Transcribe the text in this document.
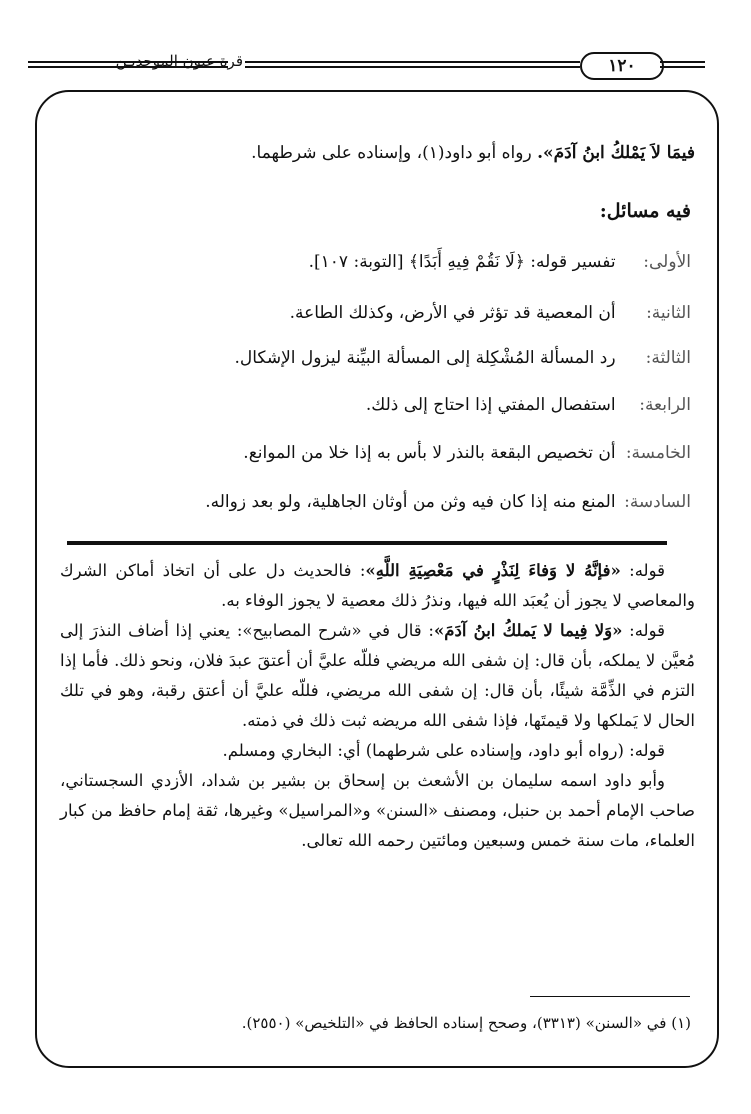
قرة عيون الموحديـن	١٢٠
فيمَا لاَ يَمْلكُ ابنُ آدَمَ». رواه أبو داود(١)، وإسناده على شرطهما.
فيه مسائل:
الأولى: تفسير قوله: ﴿لَا نَقُمْ فِيهِ أَبَدًا﴾ [التوبة: ١٠٧].
الثانية: أن المعصية قد تؤثر في الأرض، وكذلك الطاعة.
الثالثة: رد المسألة المُشْكِلة إلى المسألة البيِّنة ليزول الإشكال.
الرابعة: استفصال المفتي إذا احتاج إلى ذلك.
الخامسة: أن تخصيص البقعة بالنذر لا بأس به إذا خلا من الموانع.
السادسة: المنع منه إذا كان فيه وثن من أوثان الجاهلية، ولو بعد زواله.

قوله: «فإنَّهُ لا وَفاءَ لِنَذْرٍ في مَعْصِيَةِ اللَّهِ»: فالحديث دل على أن اتخاذ أماكن الشرك والمعاصي لا يجوز أن يُعبَد الله فيها، ونذرُ ذلك معصية لا يجوز الوفاء به.

قوله: «وَلا فِيما لا يَملكُ ابنُ آدَمَ»: قال في «شرح المصابيح»: يعني إذا أضاف النذرَ إلى مُعيَّن لا يملكه، بأن قال: إن شفى الله مريضي فللّه عليَّ أن أعتقَ عبدَ فلان، ونحو ذلك. فأما إذا التزم في الذِّمَّة شيئًا، بأن قال: إن شفى الله مريضي، فللّه عليَّ أن أعتق رقبة، وهو في تلك الحال لا يَملكها ولا قيمتَها، فإذا شفى الله مريضه ثبت ذلك في ذمته.

قوله: (رواه أبو داود، وإسناده على شرطهما) أي: البخاري ومسلم.

وأبو داود اسمه سليمان بن الأشعث بن إسحاق بن بشير بن شداد، الأزدي السجستاني، صاحب الإمام أحمد بن حنبل، ومصنف «السنن» و«المراسيل» وغيرها، ثقة إمام حافظ من كبار العلماء، مات سنة خمس وسبعين ومائتين رحمه الله تعالى.

(١) في «السنن» (٣٣١٣)، وصحح إسناده الحافظ في «التلخيص» (٢٥٥٠).
